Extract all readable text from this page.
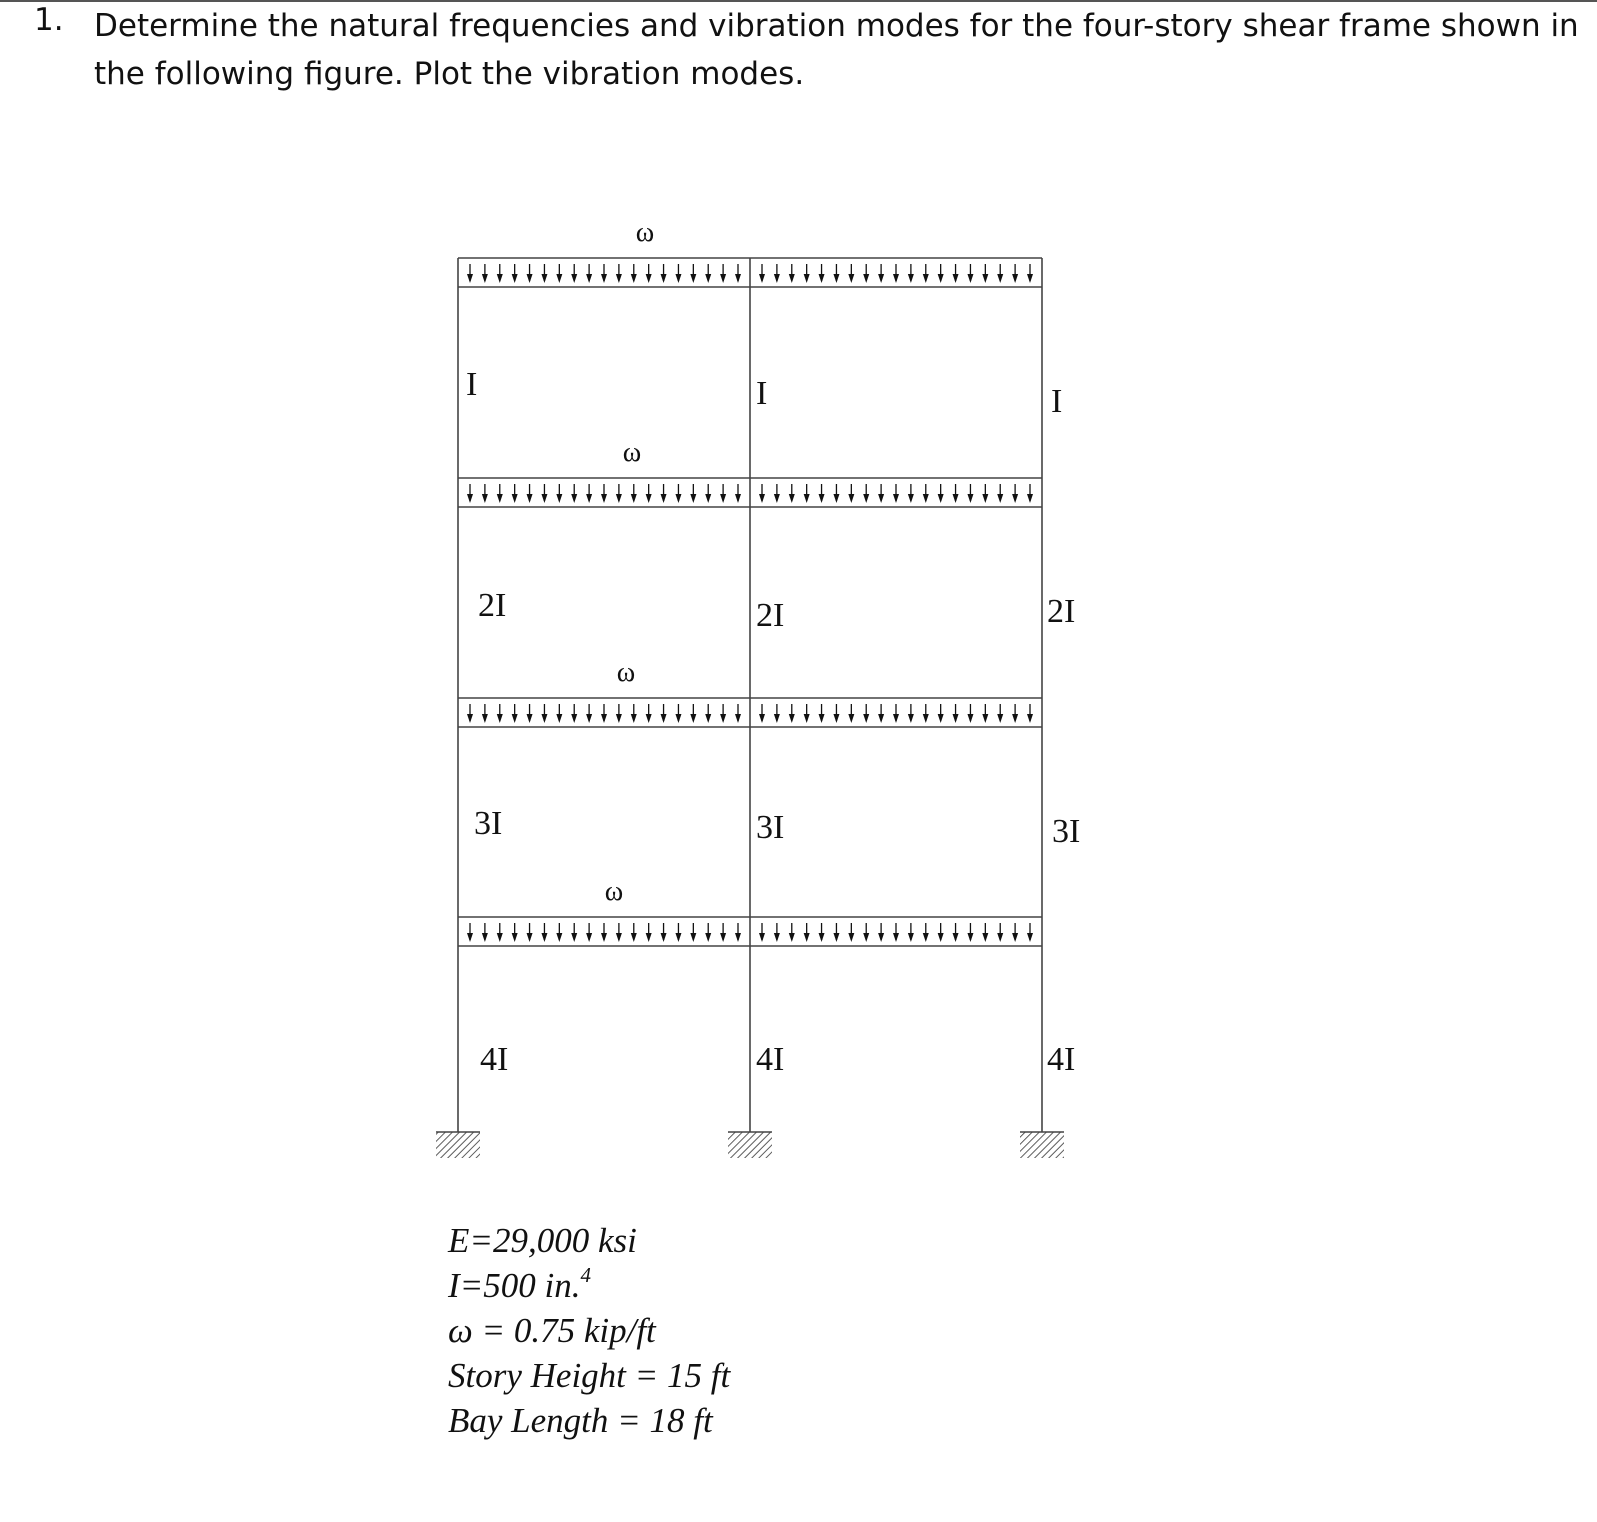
1. Determine the natural frequencies and vibration modes for the four-story shear frame shown in
the following figure. Plot the vibration modes.
ω
ω
ω
ω
I	I	I
2I	2I	2I
3I	3I	3I
4I	4I	4I
E=29,000 ksi
I=500 in.$^4$
ω = 0.75 kip/ft
Story Height = 15 ft
Bay Length = 18 ft
